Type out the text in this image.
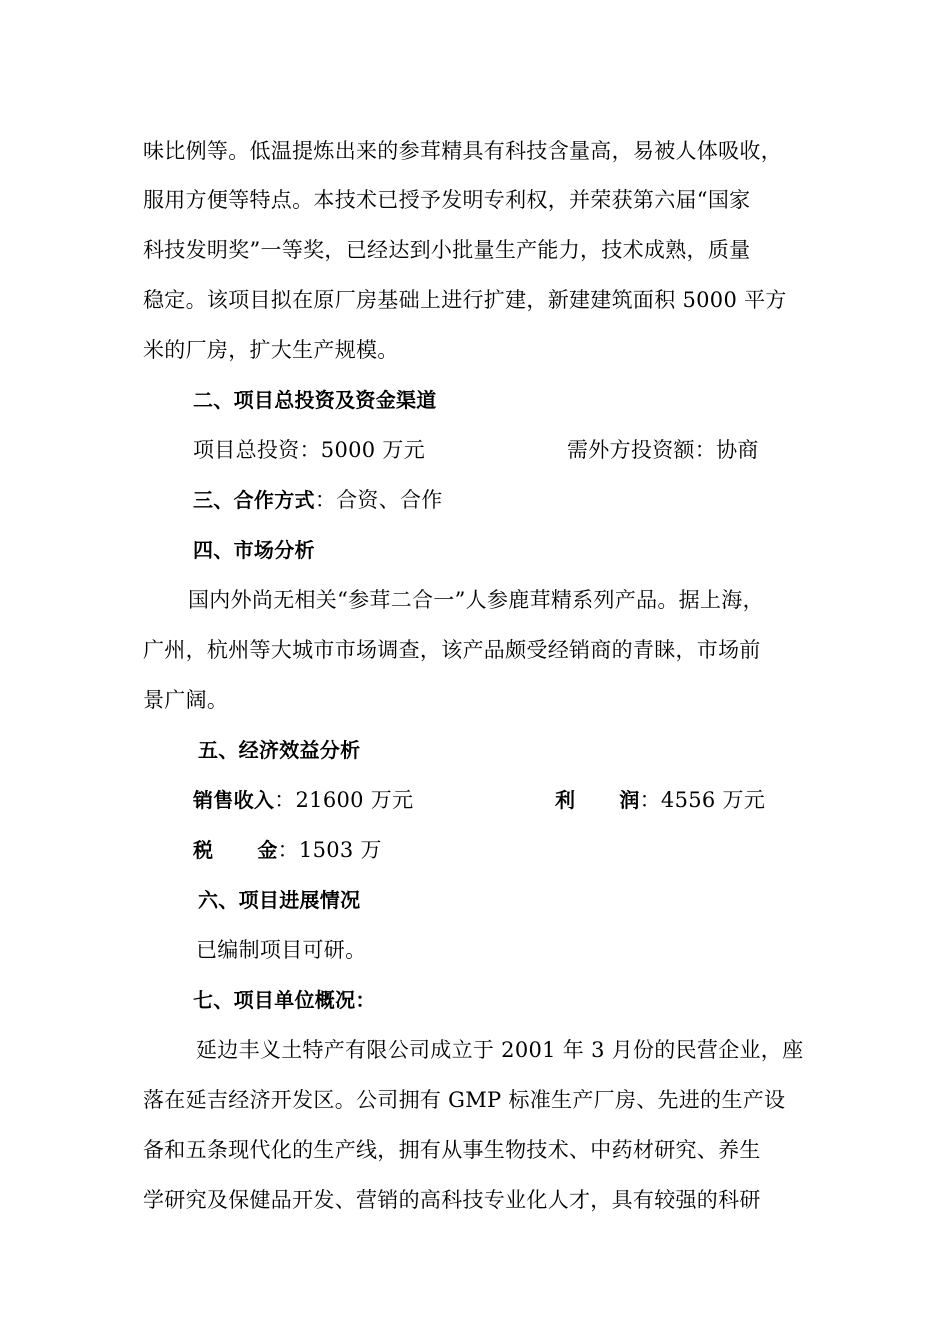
味比例等。低温提炼出来的参茸精具有科技含量高，易被人体吸收，
服用方便等特点。本技术已授予发明专利权，并荣获第六届“国家
科技发明奖”一等奖，已经达到小批量生产能力，技术成熟，质量
稳定。该项目拟在原厂房基础上进行扩建，新建建筑面积 5000 平方
米的厂房，扩大生产规模。
二、项目总投资及资金渠道
项目总投资：5000 万元	需外方投资额：协商
三、合作方式：合资、合作
四、市场分析
国内外尚无相关“参茸二合一”人参鹿茸精系列产品。据上海，
广州，杭州等大城市市场调查，该产品颇受经销商的青睐，市场前
景广阔。
五、经济效益分析
销售收入：21600 万元	利 润：4556 万元
税 金：1503 万
六、项目进展情况
已编制项目可研。
七、项目单位概况：
延边丰义土特产有限公司成立于 2001 年 3 月份的民营企业，座
落在延吉经济开发区。公司拥有 GMP 标准生产厂房、先进的生产设
备和五条现代化的生产线，拥有从事生物技术、中药材研究、养生
学研究及保健品开发、营销的高科技专业化人才，具有较强的科研
